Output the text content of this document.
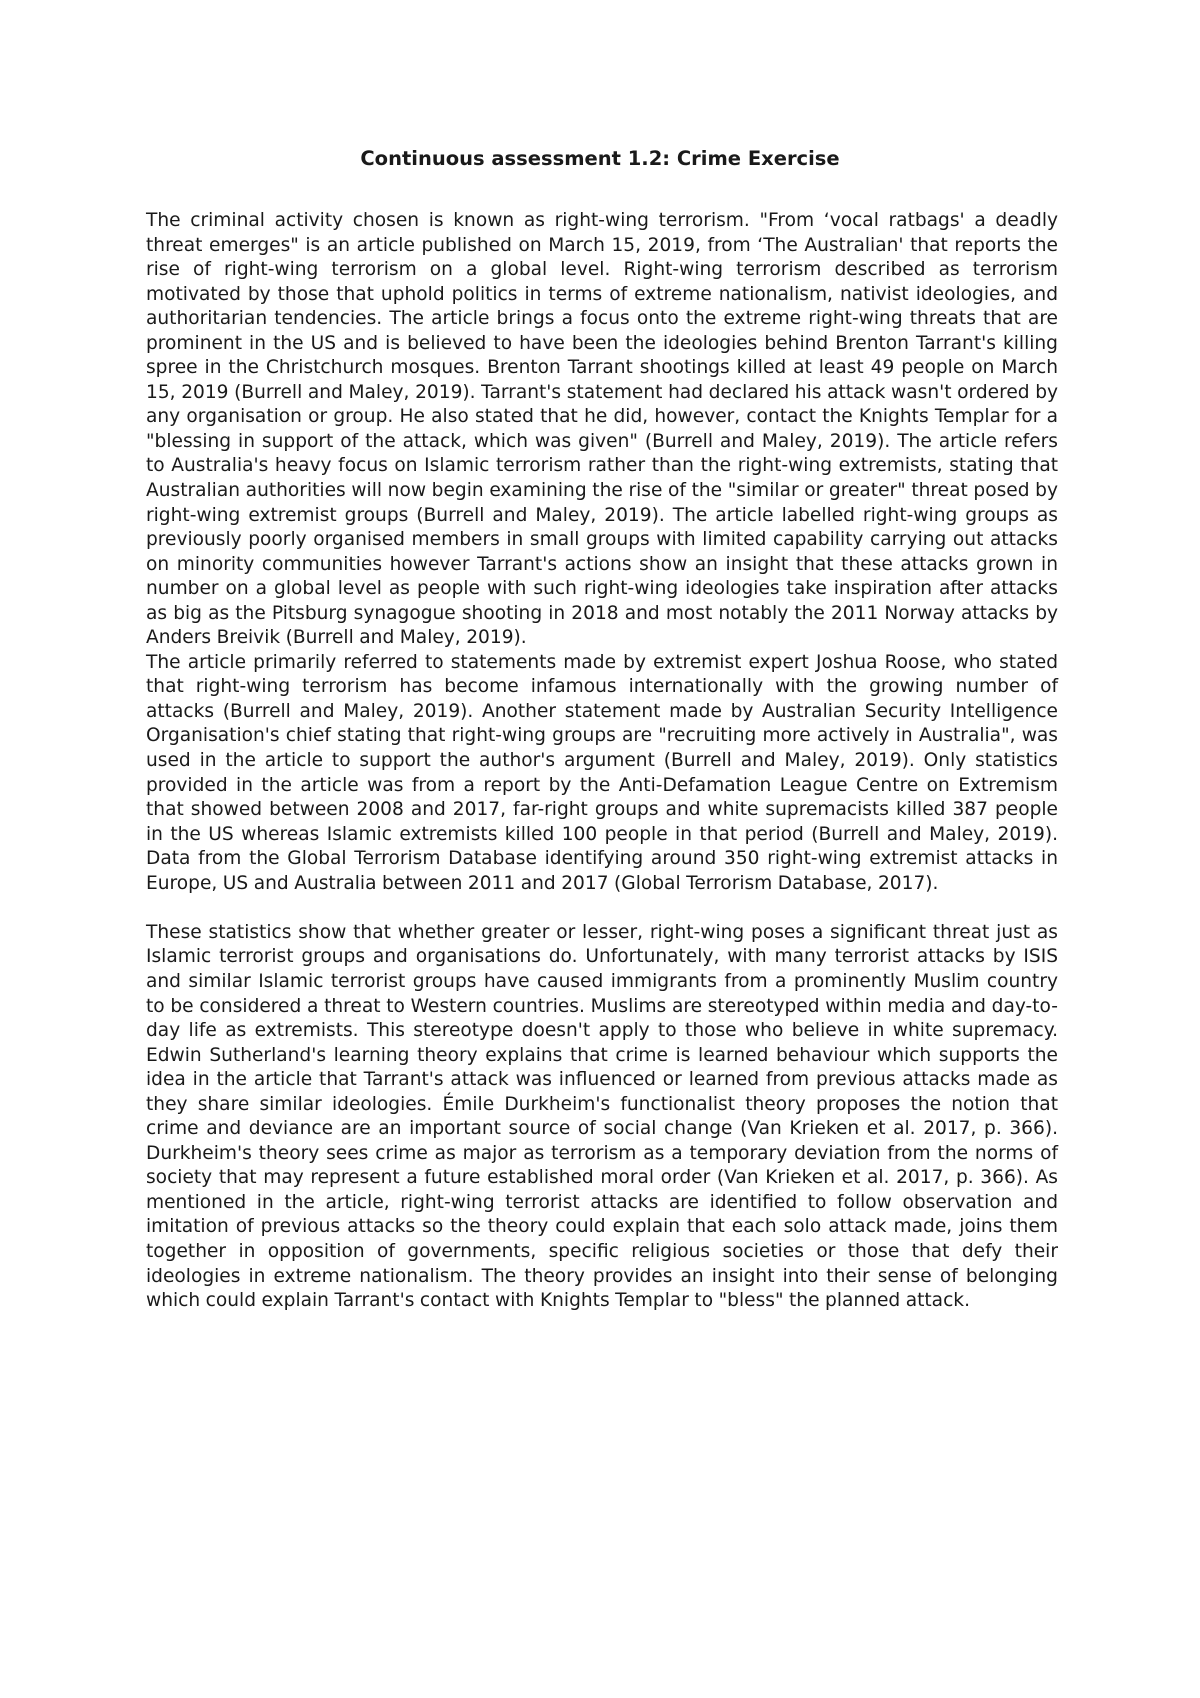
Continuous assessment 1.2: Crime Exercise

The criminal activity chosen is known as right-wing terrorism. "From ‘vocal ratbags' a deadly threat emerges" is an article published on March 15, 2019, from ‘The Australian' that reports the rise of right-wing terrorism on a global level. Right-wing terrorism described as terrorism motivated by those that uphold politics in terms of extreme nationalism, nativist ideologies, and authoritarian tendencies. The article brings a focus onto the extreme right-wing threats that are prominent in the US and is believed to have been the ideologies behind Brenton Tarrant's killing spree in the Christchurch mosques. Brenton Tarrant shootings killed at least 49 people on March 15, 2019 (Burrell and Maley, 2019). Tarrant's statement had declared his attack wasn't ordered by any organisation or group. He also stated that he did, however, contact the Knights Templar for a "blessing in support of the attack, which was given" (Burrell and Maley, 2019). The article refers to Australia's heavy focus on Islamic terrorism rather than the right-wing extremists, stating that Australian authorities will now begin examining the rise of the "similar or greater" threat posed by right-wing extremist groups (Burrell and Maley, 2019). The article labelled right-wing groups as previously poorly organised members in small groups with limited capability carrying out attacks on minority communities however Tarrant's actions show an insight that these attacks grown in number on a global level as people with such right-wing ideologies take inspiration after attacks as big as the Pitsburg synagogue shooting in 2018 and most notably the 2011 Norway attacks by Anders Breivik (Burrell and Maley, 2019).

The article primarily referred to statements made by extremist expert Joshua Roose, who stated that right-wing terrorism has become infamous internationally with the growing number of attacks (Burrell and Maley, 2019). Another statement made by Australian Security Intelligence Organisation's chief stating that right-wing groups are "recruiting more actively in Australia", was used in the article to support the author's argument (Burrell and Maley, 2019). Only statistics provided in the article was from a report by the Anti-Defamation League Centre on Extremism that showed between 2008 and 2017, far-right groups and white supremacists killed 387 people in the US whereas Islamic extremists killed 100 people in that period (Burrell and Maley, 2019). Data from the Global Terrorism Database identifying around 350 right-wing extremist attacks in Europe, US and Australia between 2011 and 2017 (Global Terrorism Database, 2017).

These statistics show that whether greater or lesser, right-wing poses a significant threat just as Islamic terrorist groups and organisations do. Unfortunately, with many terrorist attacks by ISIS and similar Islamic terrorist groups have caused immigrants from a prominently Muslim country to be considered a threat to Western countries. Muslims are stereotyped within media and day-to-day life as extremists. This stereotype doesn't apply to those who believe in white supremacy. Edwin Sutherland's learning theory explains that crime is learned behaviour which supports the idea in the article that Tarrant's attack was influenced or learned from previous attacks made as they share similar ideologies. Émile Durkheim's functionalist theory proposes the notion that crime and deviance are an important source of social change (Van Krieken et al. 2017, p. 366). Durkheim's theory sees crime as major as terrorism as a temporary deviation from the norms of society that may represent a future established moral order (Van Krieken et al. 2017, p. 366). As mentioned in the article, right-wing terrorist attacks are identified to follow observation and imitation of previous attacks so the theory could explain that each solo attack made, joins them together in opposition of governments, specific religious societies or those that defy their ideologies in extreme nationalism. The theory provides an insight into their sense of belonging which could explain Tarrant's contact with Knights Templar to "bless" the planned attack.
